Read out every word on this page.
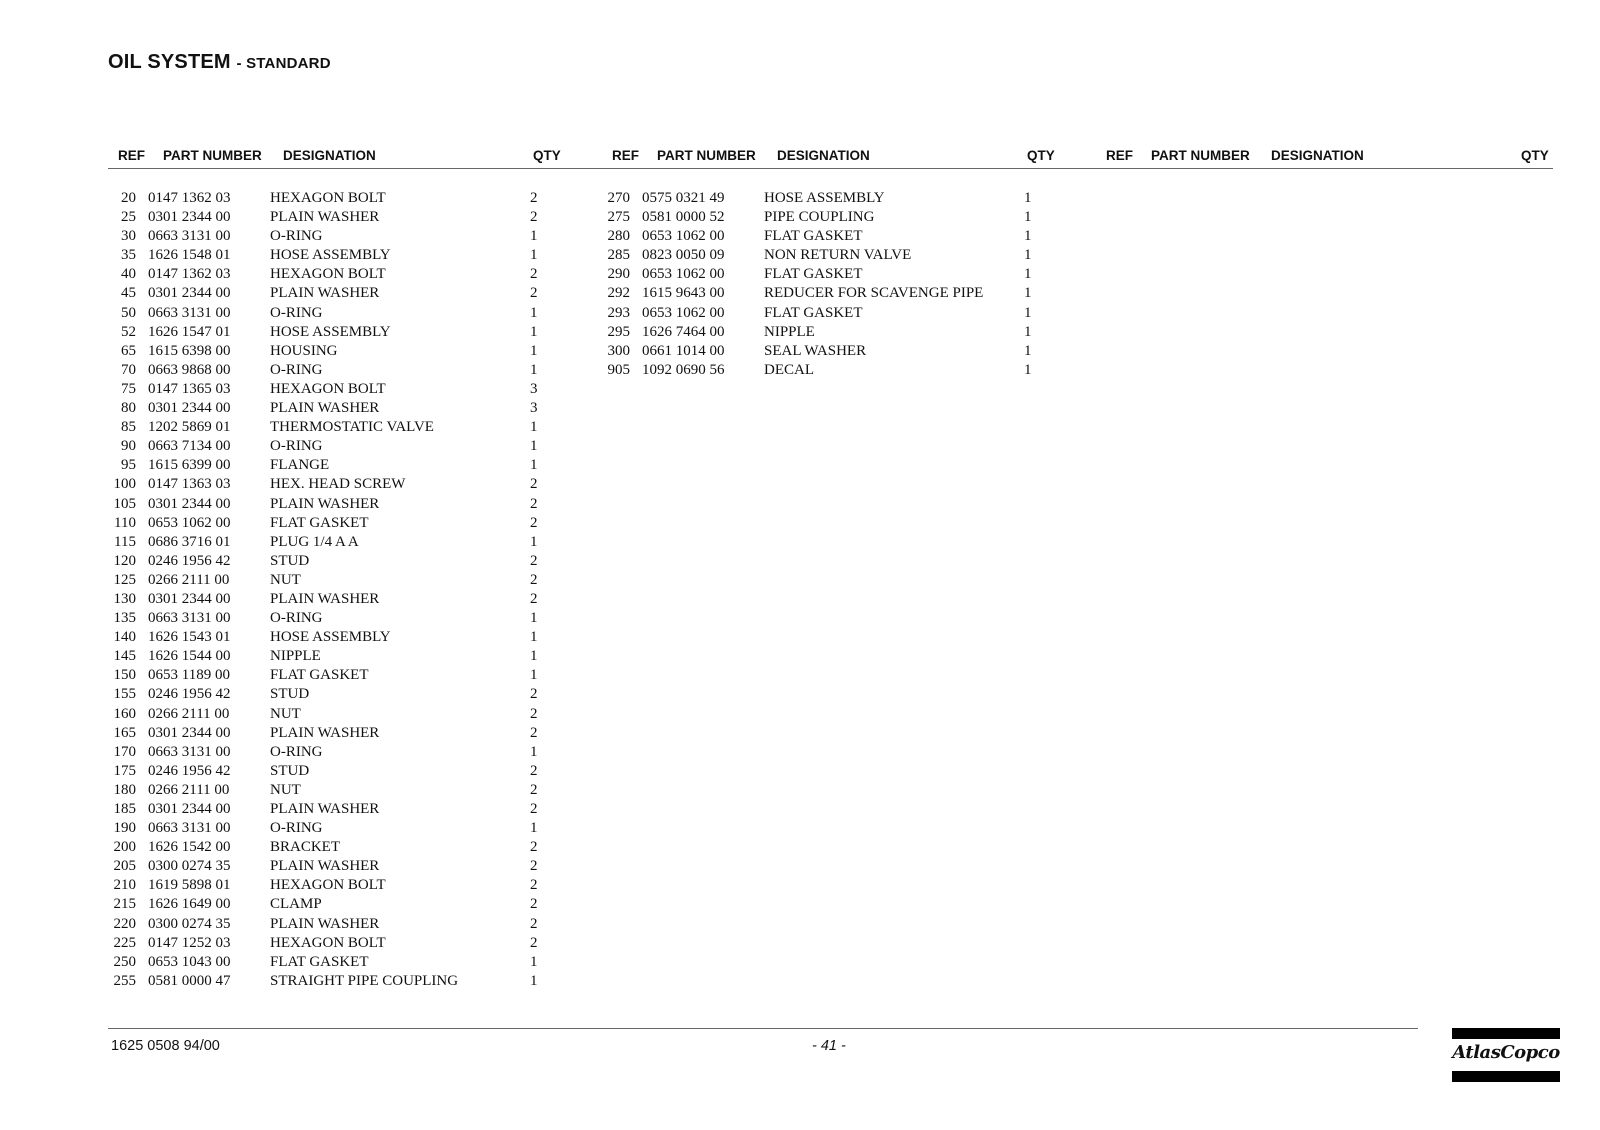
OIL SYSTEM - STANDARD
REF PART NUMBER DESIGNATION	QTY	REF PART NUMBER DESIGNATION	QTY	REF PART NUMBER DESIGNATION	QTY
20 0147 1362 03	HEXAGON BOLT	2
25 0301 2344 00	PLAIN WASHER	2
30 0663 3131 00	O-RING	1
35 1626 1548 01	HOSE ASSEMBLY	1
40 0147 1362 03	HEXAGON BOLT	2
45 0301 2344 00	PLAIN WASHER	2
50 0663 3131 00	O-RING	1
52 1626 1547 01	HOSE ASSEMBLY	1
65 1615 6398 00	HOUSING	1
70 0663 9868 00	O-RING	1
75 0147 1365 03	HEXAGON BOLT	3
80 0301 2344 00	PLAIN WASHER	3
85 1202 5869 01	THERMOSTATIC VALVE	1
90 0663 7134 00	O-RING	1
95 1615 6399 00	FLANGE	1
100 0147 1363 03	HEX. HEAD SCREW	2
105 0301 2344 00	PLAIN WASHER	2
110 0653 1062 00	FLAT GASKET	2
115 0686 3716 01	PLUG 1/4 A A	1
120 0246 1956 42	STUD	2
125 0266 2111 00	NUT	2
130 0301 2344 00	PLAIN WASHER	2
135 0663 3131 00	O-RING	1
140 1626 1543 01	HOSE ASSEMBLY	1
145 1626 1544 00	NIPPLE	1
150 0653 1189 00	FLAT GASKET	1
155 0246 1956 42	STUD	2
160 0266 2111 00	NUT	2
165 0301 2344 00	PLAIN WASHER	2
170 0663 3131 00	O-RING	1
175 0246 1956 42	STUD	2
180 0266 2111 00	NUT	2
185 0301 2344 00	PLAIN WASHER	2
190 0663 3131 00	O-RING	1
200 1626 1542 00	BRACKET	2
205 0300 0274 35	PLAIN WASHER	2
210 1619 5898 01	HEXAGON BOLT	2
215 1626 1649 00	CLAMP	2
220 0300 0274 35	PLAIN WASHER	2
225 0147 1252 03	HEXAGON BOLT	2
250 0653 1043 00	FLAT GASKET	1
255 0581 0000 47	STRAIGHT PIPE COUPLING	1
270 0575 0321 49	HOSE ASSEMBLY	1
275 0581 0000 52	PIPE COUPLING	1
280 0653 1062 00	FLAT GASKET	1
285 0823 0050 09	NON RETURN VALVE	1
290 0653 1062 00	FLAT GASKET	1
292 1615 9643 00	REDUCER FOR SCAVENGE PIPE	1
293 0653 1062 00	FLAT GASKET	1
295 1626 7464 00	NIPPLE	1
300 0661 1014 00	SEAL WASHER	1
905 1092 0690 56	DECAL	1
1625 0508 94/00	- 41 -	AtlasCopco
